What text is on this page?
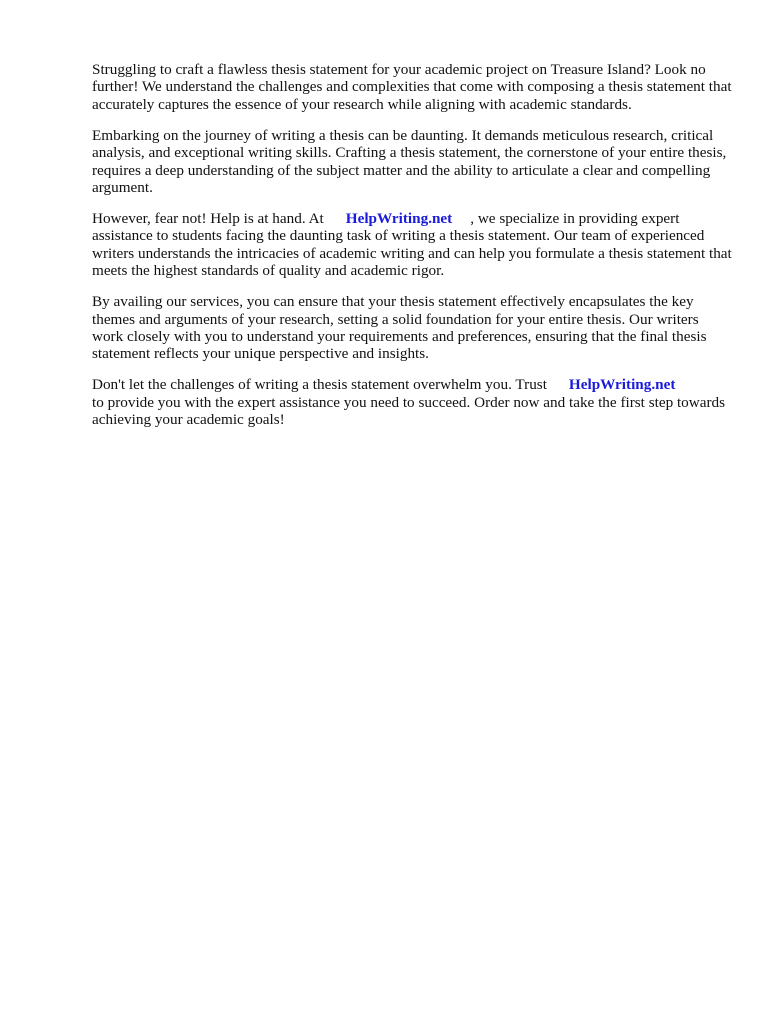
Struggling to craft a flawless thesis statement for your academic project on Treasure Island? Look no further! We understand the challenges and complexities that come with composing a thesis statement that accurately captures the essence of your research while aligning with academic standards.

Embarking on the journey of writing a thesis can be daunting. It demands meticulous research, critical analysis, and exceptional writing skills. Crafting a thesis statement, the cornerstone of your entire thesis, requires a deep understanding of the subject matter and the ability to articulate a clear and compelling argument.

However, fear not! Help is at hand. At HelpWriting.net , we specialize in providing expert assistance to students facing the daunting task of writing a thesis statement. Our team of experienced writers understands the intricacies of academic writing and can help you formulate a thesis statement that meets the highest standards of quality and academic rigor.

By availing our services, you can ensure that your thesis statement effectively encapsulates the key themes and arguments of your research, setting a solid foundation for your entire thesis. Our writers work closely with you to understand your requirements and preferences, ensuring that the final thesis statement reflects your unique perspective and insights.

Don't let the challenges of writing a thesis statement overwhelm you. Trust HelpWriting.net
to provide you with the expert assistance you need to succeed. Order now and take the first step towards achieving your academic goals!
